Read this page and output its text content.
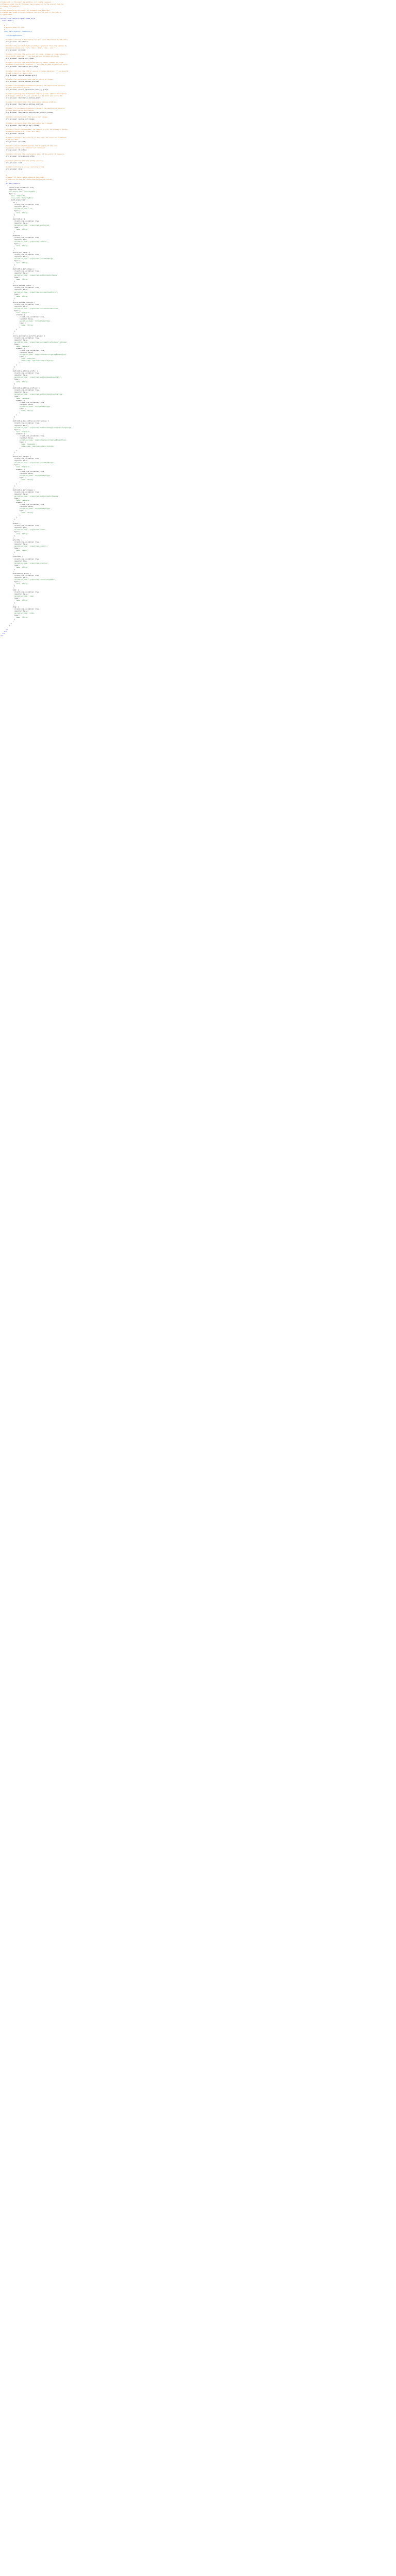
# Copyright (c) Microsoft Corporation. All rights reserved.
# Licensed under the MIT License. See License.txt in the project root for
# license information.
#
# Code generated by Microsoft (R) AutoRest Code Generator.
# Changes may cause incorrect behavior and will be lost if the code is
# regenerated.
module Azure::Network::Mgmt::V2019_02_01
module Models
#
# Network security rule.
#
class SecurityRule < SubResource
include MsRestAzure
# @return [String] A description for this rule. Restricted to 140 chars.
attr_accessor :description
# @return [SecurityRuleProtocol] Network protocol this rule applies to.
# Possible values are 'Tcp', 'Udp', 'Icmp', 'Esp', and '*'.
attr_accessor :protocol
# @return [String] The source port or range. Integer or range between 0
# and 65535. Asterisk '*' can also be used to match all ports.
attr_accessor :source_port_range
# @return [String] The destination port or range. Integer or range
# between 0 and 65535. Asterisk '*' can also be used to match all ports.
attr_accessor :destination_port_range
# @return [String] The CIDR or source IP range. Asterisk '*' can also be
# used to match all source IPs.
attr_accessor :source_address_prefix
# @return [Array<String>] The CIDR or source IP ranges.
attr_accessor :source_address_prefixes
# @return [Array<ApplicationSecurityGroup>] The application security
# group specified as source.
attr_accessor :source_application_security_groups
# @return [String] The destination address prefix. CIDR or destination
# IP range. Asterisk '*' can also be used to match all source IPs.
attr_accessor :destination_address_prefix
# @return [Array<String>] The destination address prefixes.
attr_accessor :destination_address_prefixes
# @return [Array<ApplicationSecurityGroup>] The application security
# group specified as destination.
attr_accessor :destination_application_security_groups
# @return [Array<String>] The source port ranges.
attr_accessor :source_port_ranges
# @return [Array<String>] The destination port ranges.
attr_accessor :destination_port_ranges
# @return [SecurityRuleAccess] The network traffic is allowed or denied.
# Possible values are 'Allow' and 'Deny'.
attr_accessor :access
# @return [Integer] The priority of the rule. The value can be between
# 100 and 4096.
attr_accessor :priority
# @return [SecurityRuleDirection] The direction of the rule.
# Possible values are 'Inbound' and 'Outbound'.
attr_accessor :direction
# @return [String] The provisioning state of the public IP resource.
attr_accessor :provisioning_state
# @return [String] The name of the resource.
attr_accessor :name
# @return [String] A unique read-only string.
attr_accessor :etag
#
# Mapper for SecurityRule class as Ruby Hash.
# This will be used for serialization/deserialization.
#
def self.mapper()
{
client_side_validation: true,
required: false,
serialized_name: 'SecurityRule',
type: {
name: 'Composite',
class_name: 'SecurityRule',
model_properties: {
id: {
client_side_validation: true,
required: false,
serialized_name: 'id',
type: {
name: 'String'
}
},
description: {
client_side_validation: true,
required: false,
serialized_name: 'properties.description',
type: {
name: 'String'
}
},
protocol: {
client_side_validation: true,
required: true,
serialized_name: 'properties.protocol',
type: {
name: 'String'
}
},
source_port_range: {
client_side_validation: true,
required: false,
serialized_name: 'properties.sourcePortRange',
type: {
name: 'String'
}
},
destination_port_range: {
client_side_validation: true,
required: false,
serialized_name: 'properties.destinationPortRange',
type: {
name: 'String'
}
},
source_address_prefix: {
client_side_validation: true,
required: false,
serialized_name: 'properties.sourceAddressPrefix',
type: {
name: 'String'
}
},
source_address_prefixes: {
client_side_validation: true,
required: false,
serialized_name: 'properties.sourceAddressPrefixes',
type: {
name: 'Sequence',
element: {
client_side_validation: true,
required: false,
serialized_name: 'StringElementType',
type: {
name: 'String'
}
}
}
},
source_application_security_groups: {
client_side_validation: true,
required: false,
serialized_name: 'properties.sourceApplicationSecurityGroups',
type: {
name: 'Sequence',
element: {
client_side_validation: true,
required: false,
serialized_name: 'ApplicationSecurityGroupElementType',
type: {
name: 'Composite',
class_name: 'ApplicationSecurityGroup'
}
}
}
},
destination_address_prefix: {
client_side_validation: true,
required: false,
serialized_name: 'properties.destinationAddressPrefix',
type: {
name: 'String'
}
},
destination_address_prefixes: {
client_side_validation: true,
required: false,
serialized_name: 'properties.destinationAddressPrefixes',
type: {
name: 'Sequence',
element: {
client_side_validation: true,
required: false,
serialized_name: 'StringElementType',
type: {
name: 'String'
}
}
}
},
destination_application_security_groups: {
client_side_validation: true,
required: false,
serialized_name: 'properties.destinationApplicationSecurityGroups',
type: {
name: 'Sequence',
element: {
client_side_validation: true,
required: false,
serialized_name: 'ApplicationSecurityGroupElementType',
type: {
name: 'Composite',
class_name: 'ApplicationSecurityGroup'
}
}
}
},
source_port_ranges: {
client_side_validation: true,
required: false,
serialized_name: 'properties.sourcePortRanges',
type: {
name: 'Sequence',
element: {
client_side_validation: true,
required: false,
serialized_name: 'StringElementType',
type: {
name: 'String'
}
}
}
},
destination_port_ranges: {
client_side_validation: true,
required: false,
serialized_name: 'properties.destinationPortRanges',
type: {
name: 'Sequence',
element: {
client_side_validation: true,
required: false,
serialized_name: 'StringElementType',
type: {
name: 'String'
}
}
}
},
access: {
client_side_validation: true,
required: true,
serialized_name: 'properties.access',
type: {
name: 'String'
}
},
priority: {
client_side_validation: true,
required: false,
serialized_name: 'properties.priority',
type: {
name: 'Number'
}
},
direction: {
client_side_validation: true,
required: true,
serialized_name: 'properties.direction',
type: {
name: 'String'
}
},
provisioning_state: {
client_side_validation: true,
required: false,
serialized_name: 'properties.provisioningState',
type: {
name: 'String'
}
},
name: {
client_side_validation: true,
required: false,
serialized_name: 'name',
type: {
name: 'String'
}
},
etag: {
client_side_validation: true,
required: false,
serialized_name: 'etag',
type: {
name: 'String'
}
}
}
}
}
end
end
end
end
